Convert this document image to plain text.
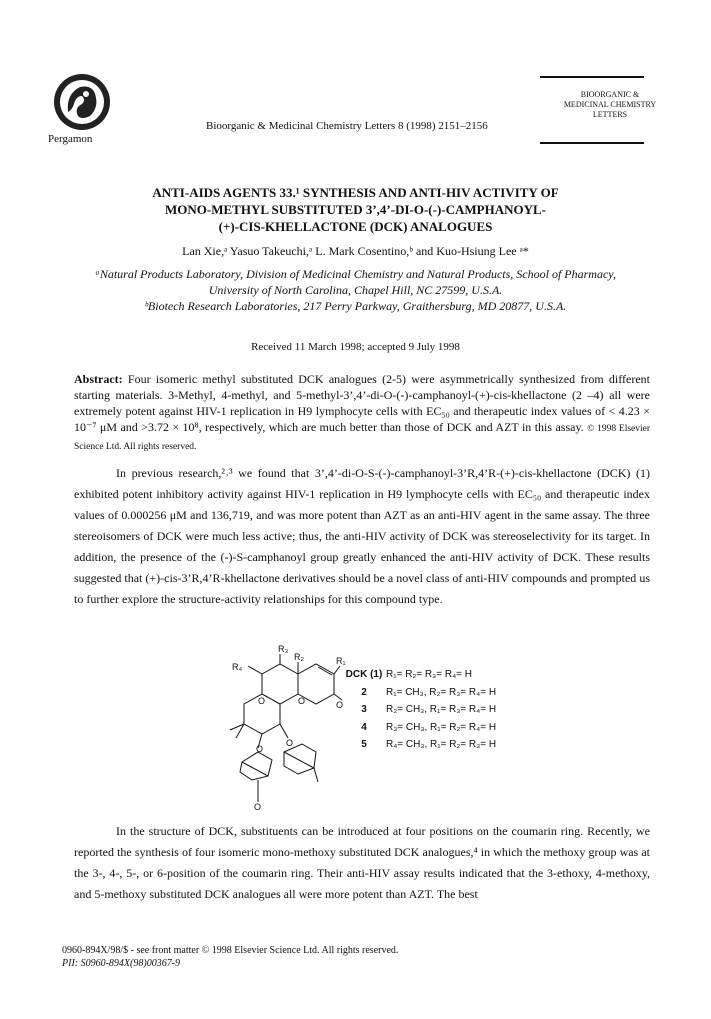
Pergamon
Bioorganic & Medicinal Chemistry Letters 8 (1998) 2151–2156
BIOORGANIC &
MEDICINAL CHEMISTRY
LETTERS
ANTI-AIDS AGENTS 33.¹ SYNTHESIS AND ANTI-HIV ACTIVITY OF
MONO-METHYL SUBSTITUTED 3’,4’-DI-O-(-)-CAMPHANOYL-
(+)-CIS-KHELLACTONE (DCK) ANALOGUES
Lan Xie,ᵃ Yasuo Takeuchi,ᵃ L. Mark Cosentino,ᵇ and Kuo-Hsiung Lee ᵃ*
ᵃNatural Products Laboratory, Division of Medicinal Chemistry and Natural Products, School of Pharmacy,
University of North Carolina, Chapel Hill, NC 27599, U.S.A.
ᵇBiotech Research Laboratories, 217 Perry Parkway, Graithersburg, MD 20877, U.S.A.
Received 11 March 1998; accepted 9 July 1998
Abstract: Four isomeric methyl substituted DCK analogues (2-5) were asymmetrically synthesized from different starting materials. 3-Methyl, 4-methyl, and 5-methyl-3’,4’-di-O-(-)-camphanoyl-(+)-cis-khellactone (2 –4) all were extremely potent against HIV-1 replication in H9 lymphocyte cells with EC₅₀ and therapeutic index values of < 4.23 × 10⁻⁷ μM and >3.72 × 10⁸, respectively, which are much better than those of DCK and AZT in this assay. © 1998 Elsevier Science Ltd. All rights reserved.
In previous research,²˒³ we found that 3’,4’-di-O-S-(-)-camphanoyl-3’R,4’R-(+)-cis-khellactone (DCK) (1) exhibited potent inhibitory activity against HIV-1 replication in H9 lymphocyte cells with EC₅₀ and therapeutic index values of 0.000256 μM and 136,719, and was more potent than AZT as an anti-HIV agent in the same assay. The three stereoisomers of DCK were much less active; thus, the anti-HIV activity of DCK was stereoselectivity for its target. In addition, the presence of the (-)-S-camphanoyl group greatly enhanced the anti-HIV activity of DCK. These results suggested that (+)-cis-3’R,4’R-khellactone derivatives should be a novel class of anti-HIV compounds and prompted us to further explore the structure-activity relationships for this compound type.
R₄
R₃
R₂	R₁
O	O	O
O
O
O
DCK (1) R₁= R₂= R₃= R₄= H
2	R₁= CH₃, R₂= R₃= R₄= H
3	R₂= CH₃, R₁= R₃= R₄= H
4	R₃= CH₃, R₁= R₂= R₄= H
5	R₄= CH₃, R₁= R₂= R₃= H
In the structure of DCK, substituents can be introduced at four positions on the coumarin ring. Recently, we reported the synthesis of four isomeric mono-methoxy substituted DCK analogues,⁴ in which the methoxy group was at the 3-, 4-, 5-, or 6-position of the coumarin ring. Their anti-HIV assay results indicated that the 3-ethoxy, 4-methoxy, and 5-methoxy substituted DCK analogues all were more potent than AZT. The best
0960-894X/98/$ - see front matter © 1998 Elsevier Science Ltd. All rights reserved.
PII: S0960-894X(98)00367-9
